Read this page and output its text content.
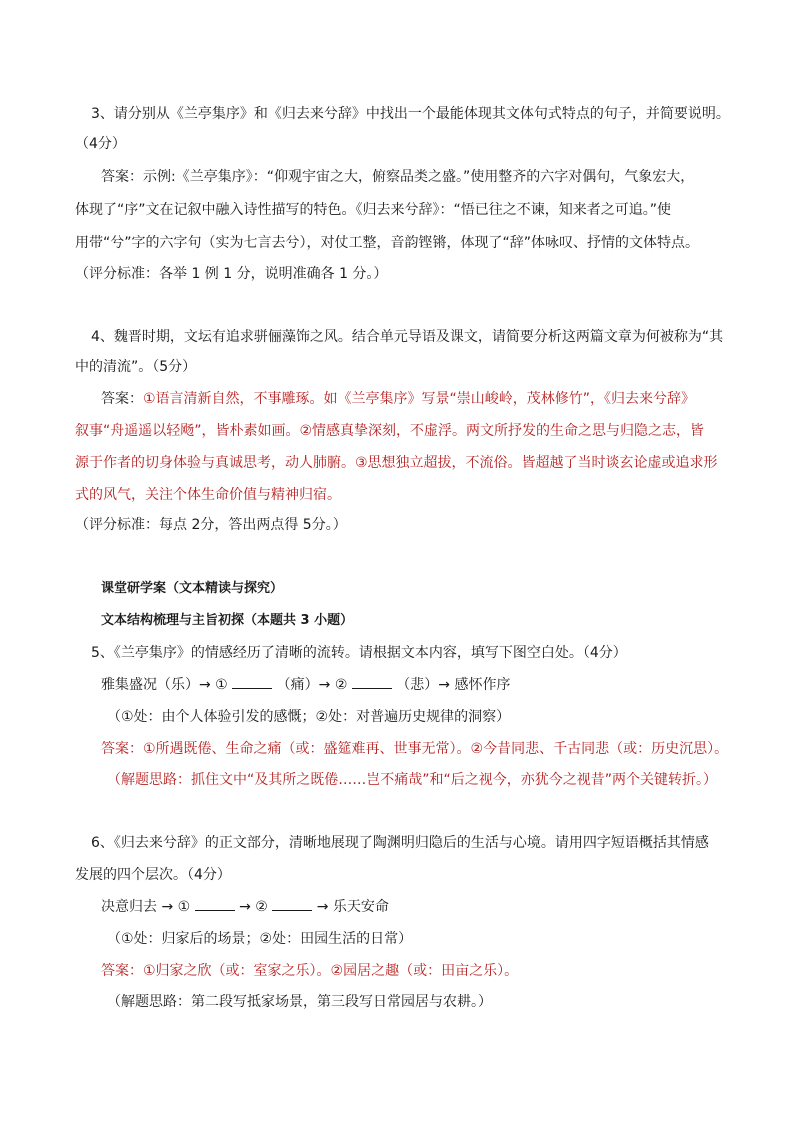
3、请分别从《兰亭集序》和《归去来兮辞》中找出一个最能体现其文体句式特点的句子，并简要说明。
（4分）
答案：示例:《兰亭集序》：“仰观宇宙之大，俯察品类之盛。”使用整齐的六字对偶句，气象宏大，
体现了“序”文在记叙中融入诗性描写的特色。《归去来兮辞》：“悟已往之不谏，知来者之可追。”使
用带“兮”字的六字句（实为七言去兮），对仗工整，音韵铿锵，体现了“辞”体咏叹、抒情的文体特点。
（评分标准：各举 1 例 1 分，说明准确各 1 分。）
4、魏晋时期，文坛有追求骈俪藻饰之风。结合单元导语及课文，请简要分析这两篇文章为何被称为“其
中的清流”。（5分）
答案：①语言清新自然，不事雕琢。如《兰亭集序》写景“崇山峻岭，茂林修竹”，《归去来兮辞》
叙事“舟遥遥以轻飏”，皆朴素如画。②情感真挚深刻，不虚浮。两文所抒发的生命之思与归隐之志，皆
源于作者的切身体验与真诚思考，动人肺腑。③思想独立超拔，不流俗。皆超越了当时谈玄论虚或追求形
式的风气，关注个体生命价值与精神归宿。
（评分标准：每点 2分，答出两点得 5分。）
课堂研学案（文本精读与探究）
文本结构梳理与主旨初探（本题共 3 小题）
5、《兰亭集序》的情感经历了清晰的流转。请根据文本内容，填写下图空白处。（4分）
雅集盛况（乐）→ ①	（痛）→ ②	（悲）→ 感怀作序
（①处：由个人体验引发的感慨；②处：对普遍历史规律的洞察）
答案：①所遇既倦、生命之痛（或：盛筵难再、世事无常）。②今昔同悲、千古同悲（或：历史沉思）。
（解题思路：抓住文中“及其所之既倦……岂不痛哉”和“后之视今，亦犹今之视昔”两个关键转折。）
6、《归去来兮辞》的正文部分，清晰地展现了陶渊明归隐后的生活与心境。请用四字短语概括其情感
发展的四个层次。（4分）
决意归去 → ①	→ ②	→ 乐天安命
（①处：归家后的场景；②处：田园生活的日常）
答案：①归家之欣（或：室家之乐）。②园居之趣（或：田亩之乐）。
（解题思路：第二段写抵家场景，第三段写日常园居与农耕。）
